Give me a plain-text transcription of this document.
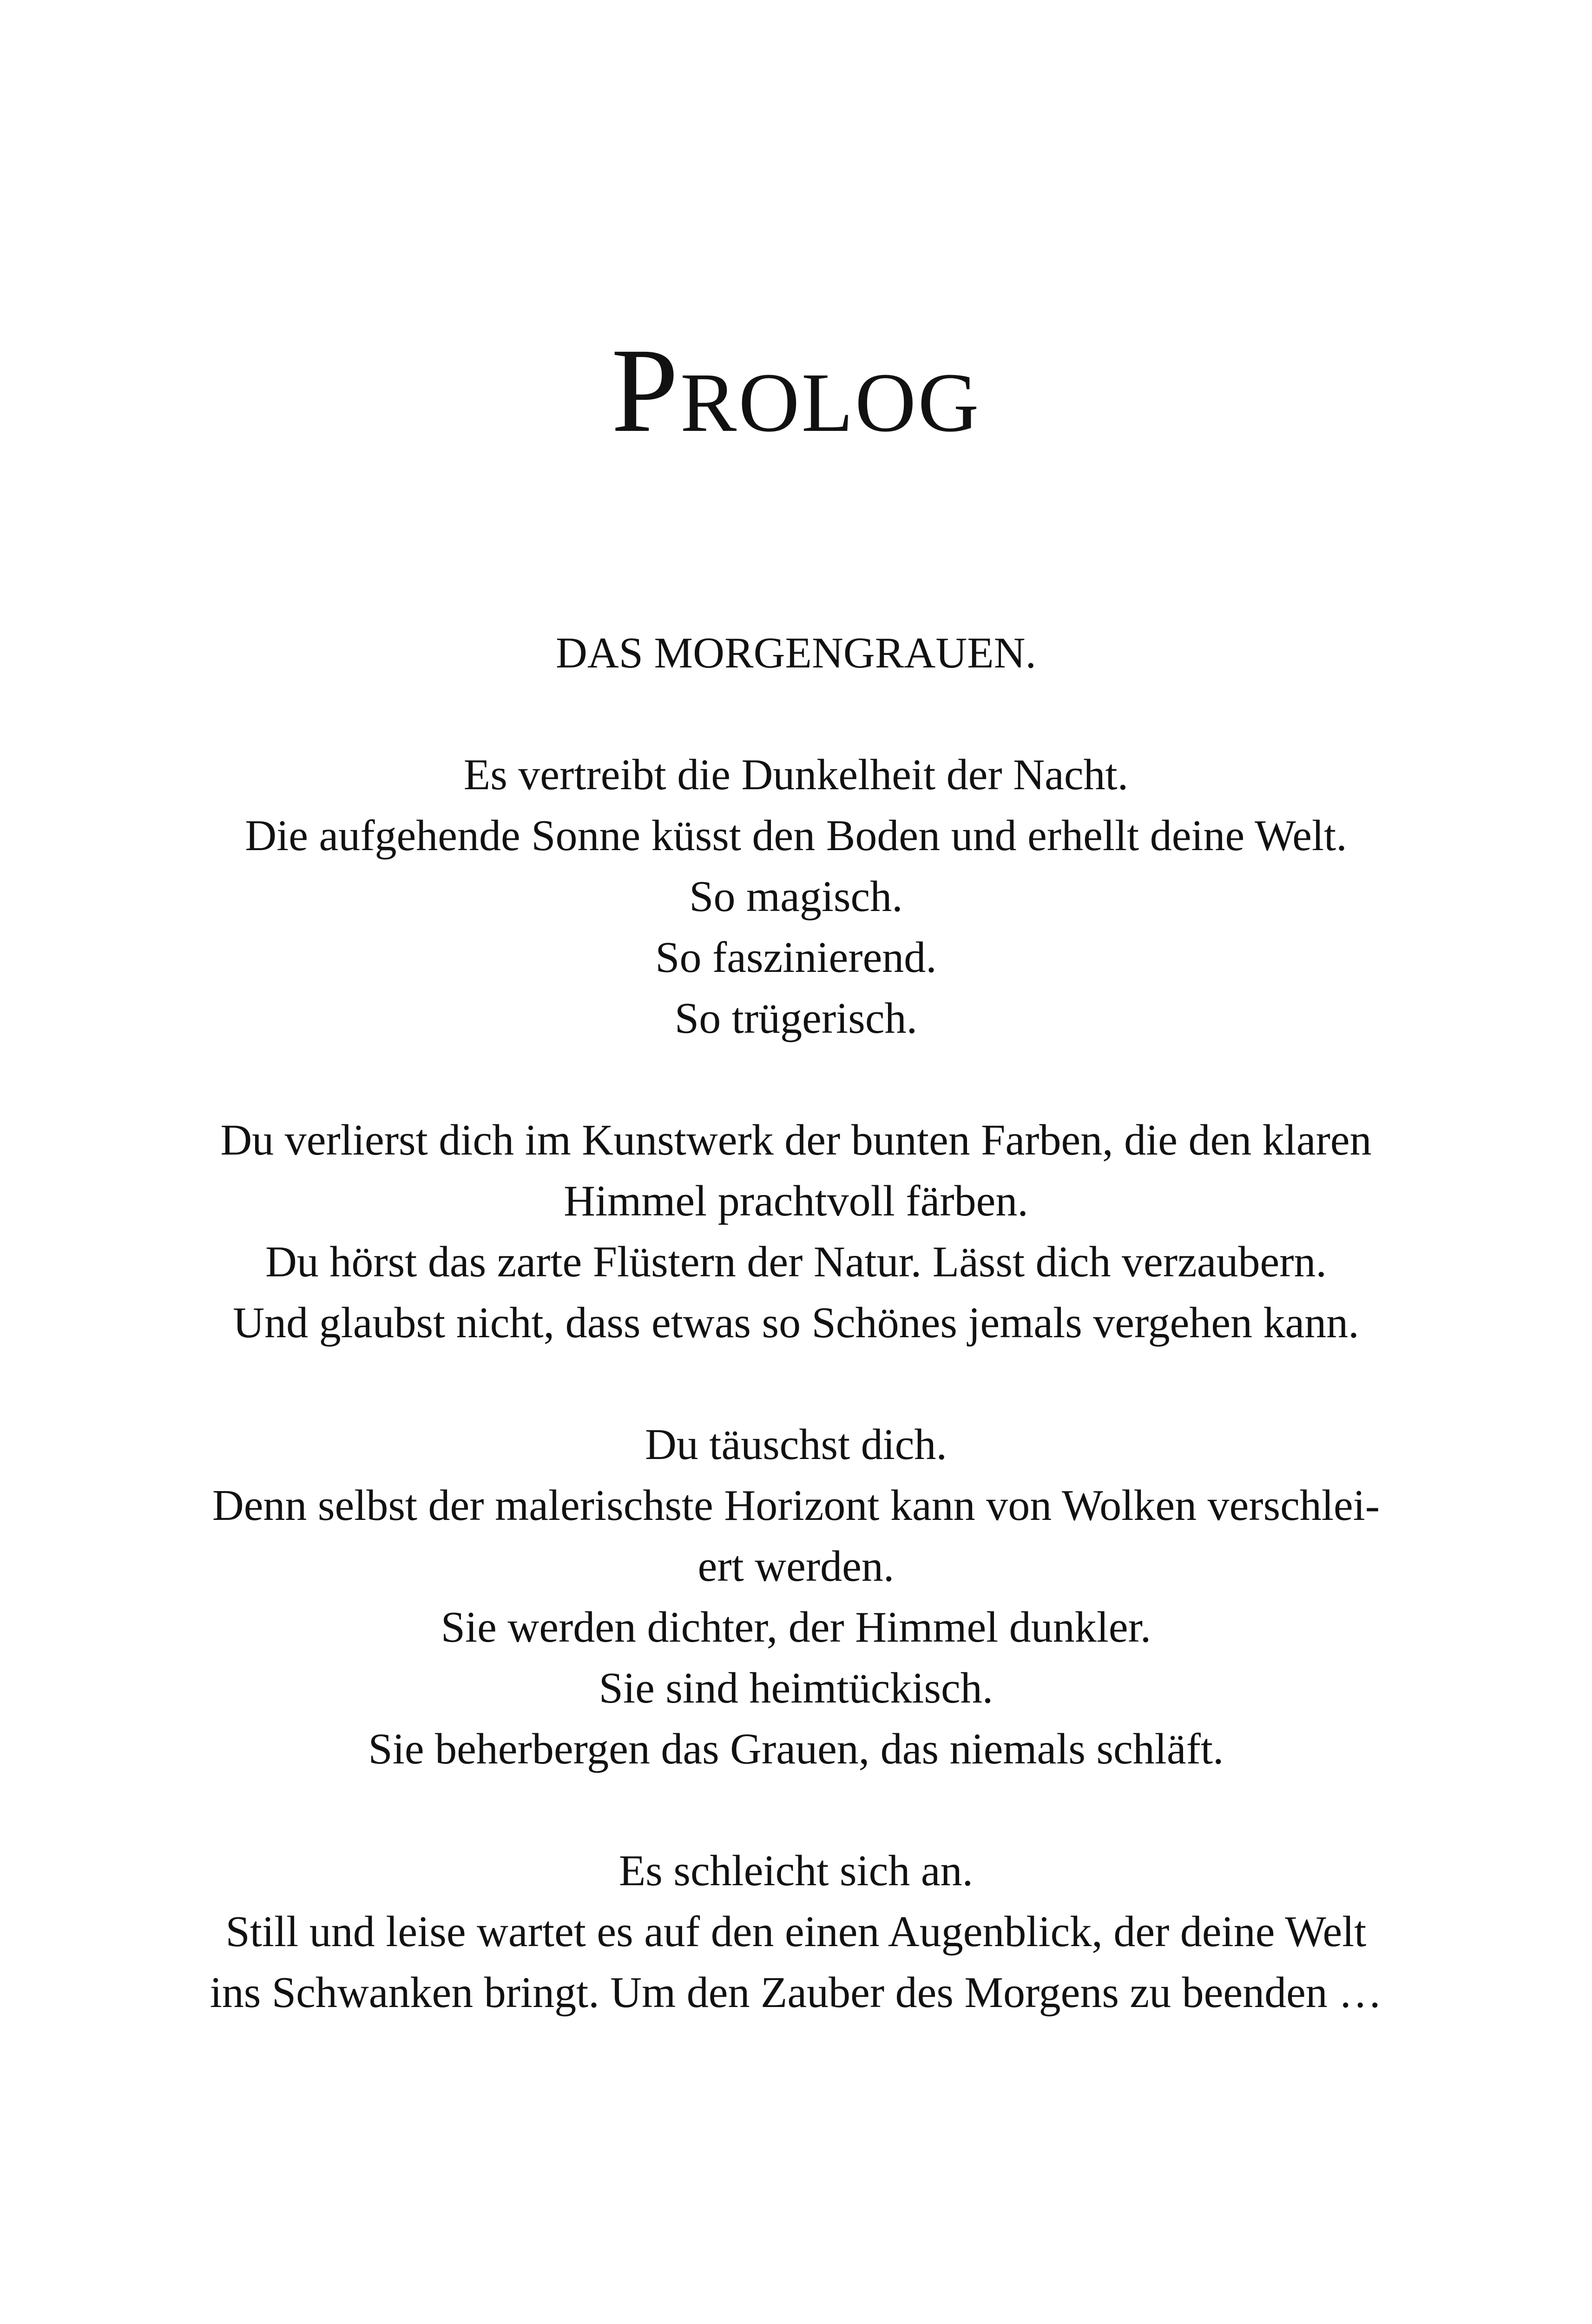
Prolog
DAS MORGENGRAUEN.
Es vertreibt die Dunkelheit der Nacht.
Die aufgehende Sonne küsst den Boden und erhellt deine Welt.
So magisch.
So faszinierend.
So trügerisch.
Du verlierst dich im Kunstwerk der bunten Farben, die den klaren
Himmel prachtvoll färben.
Du hörst das zarte Flüstern der Natur. Lässt dich verzaubern.
Und glaubst nicht, dass etwas so Schönes jemals vergehen kann.
Du täuschst dich.
Denn selbst der malerischste Horizont kann von Wolken verschlei-
ert werden.
Sie werden dichter, der Himmel dunkler.
Sie sind heimtückisch.
Sie beherbergen das Grauen, das niemals schläft.
Es schleicht sich an.
Still und leise wartet es auf den einen Augenblick, der deine Welt
ins Schwanken bringt. Um den Zauber des Morgens zu beenden …
